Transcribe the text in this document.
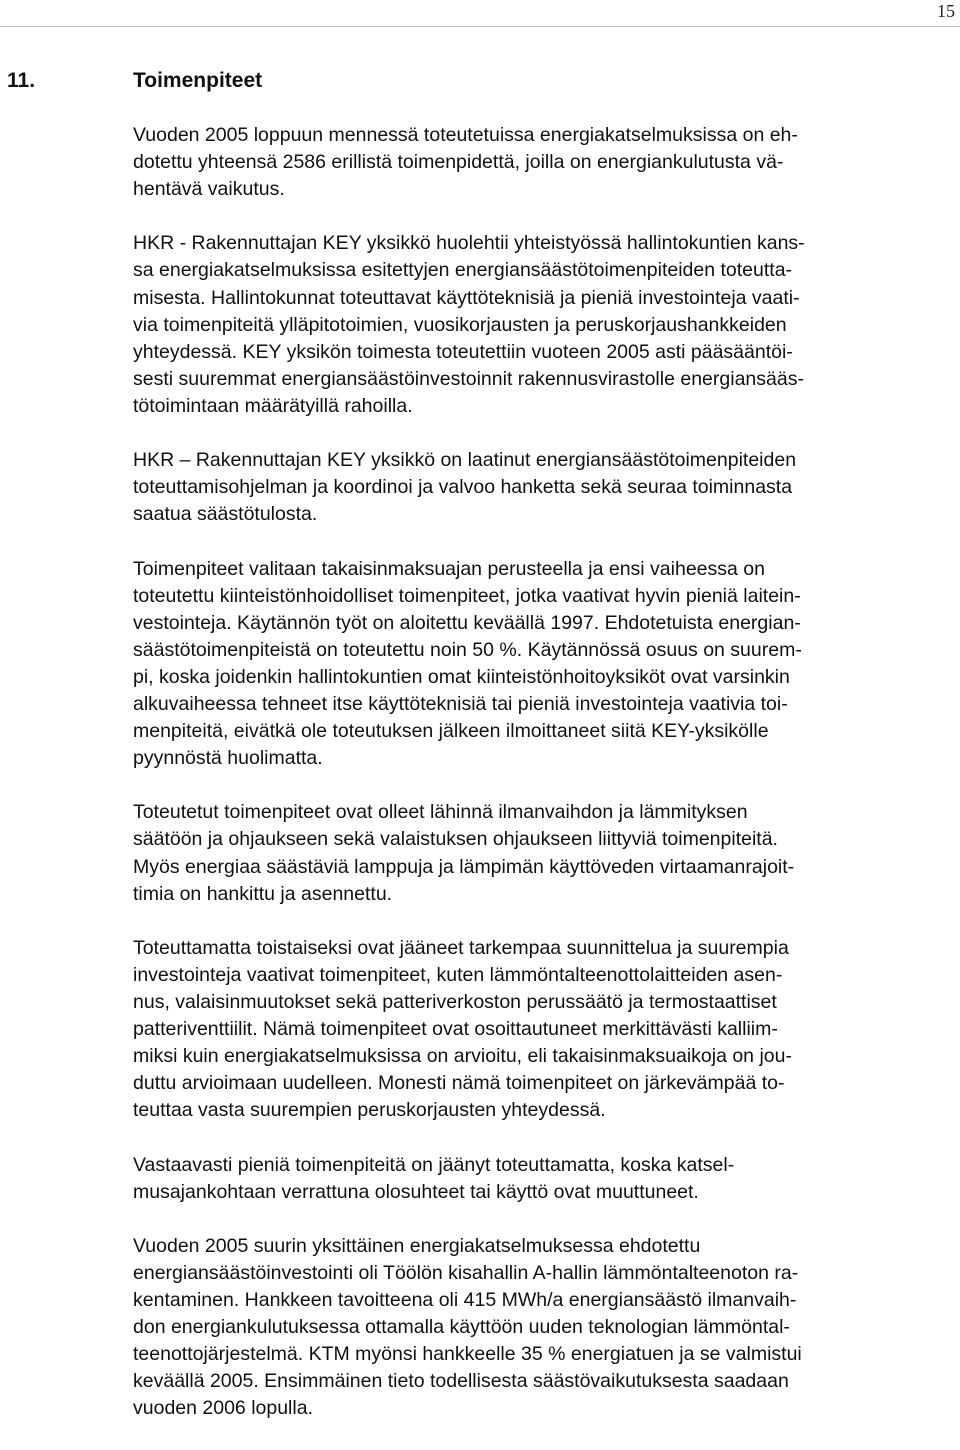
15
11.	Toimenpiteet

Vuoden 2005 loppuun mennessä toteutetuissa energiakatselmuksissa on eh-
dotettu yhteensä 2586 erillistä toimenpidettä, joilla on energiankulutusta vä-
hentävä vaikutus.

HKR - Rakennuttajan KEY yksikkö huolehtii yhteistyössä hallintokuntien kans-
sa energiakatselmuksissa esitettyjen energiansäästötoimenpiteiden toteutta-
misesta. Hallintokunnat toteuttavat käyttöteknisiä ja pieniä investointeja vaati-
via toimenpiteitä ylläpitotoimien, vuosikorjausten ja peruskorjaushankkeiden
yhteydessä. KEY yksikön toimesta toteutettiin vuoteen 2005 asti pääsääntöi-
sesti suuremmat energiansäästöinvestoinnit rakennusvirastolle energiansääs-
tötoimintaan määrätyillä rahoilla.

HKR – Rakennuttajan KEY yksikkö on laatinut energiansäästötoimenpiteiden
toteuttamisohjelman ja koordinoi ja valvoo hanketta sekä seuraa toiminnasta
saatua säästötulosta.

Toimenpiteet valitaan takaisinmaksuajan perusteella ja ensi vaiheessa on
toteutettu kiinteistönhoidolliset toimenpiteet, jotka vaativat hyvin pieniä laitein-
vestointeja. Käytännön työt on aloitettu keväällä 1997. Ehdotetuista energian-
säästötoimenpiteistä on toteutettu noin 50 %. Käytännössä osuus on suurem-
pi, koska joidenkin hallintokuntien omat kiinteistönhoitoyksiköt ovat varsinkin
alkuvaiheessa tehneet itse käyttöteknisiä tai pieniä investointeja vaativia toi-
menpiteitä, eivätkä ole toteutuksen jälkeen ilmoittaneet siitä KEY-yksikölle
pyynnöstä huolimatta.

Toteutetut toimenpiteet ovat olleet lähinnä ilmanvaihdon ja lämmityksen
säätöön ja ohjaukseen sekä valaistuksen ohjaukseen liittyviä toimenpiteitä.
Myös energiaa säästäviä lamppuja ja lämpimän käyttöveden virtaamanrajoit-
timia on hankittu ja asennettu.

Toteuttamatta toistaiseksi ovat jääneet tarkempaa suunnittelua ja suurempia
investointeja vaativat toimenpiteet, kuten lämmöntalteenottolaitteiden asen-
nus, valaisinmuutokset sekä patteriverkoston perussäätö ja termostaattiset
patteriventtiilit. Nämä toimenpiteet ovat osoittautuneet merkittävästi kalliim-
miksi kuin energiakatselmuksissa on arvioitu, eli takaisinmaksuaikoja on jou-
duttu arvioimaan uudelleen. Monesti nämä toimenpiteet on järkevämpää to-
teuttaa vasta suurempien peruskorjausten yhteydessä.

Vastaavasti pieniä toimenpiteitä on jäänyt toteuttamatta, koska katsel-
musajankohtaan verrattuna olosuhteet tai käyttö ovat muuttuneet.

Vuoden 2005 suurin yksittäinen energiakatselmuksessa ehdotettu
energiansäästöinvestointi oli Töölön kisahallin A-hallin lämmöntalteenoton ra-
kentaminen. Hankkeen tavoitteena oli 415 MWh/a energiansäästö ilmanvaih-
don energiankulutuksessa ottamalla käyttöön uuden teknologian lämmöntal-
teenottojärjestelmä. KTM myönsi hankkeelle 35 % energiatuen ja se valmistui
keväällä 2005. Ensimmäinen tieto todellisesta säästövaikutuksesta saadaan
vuoden 2006 lopulla.
